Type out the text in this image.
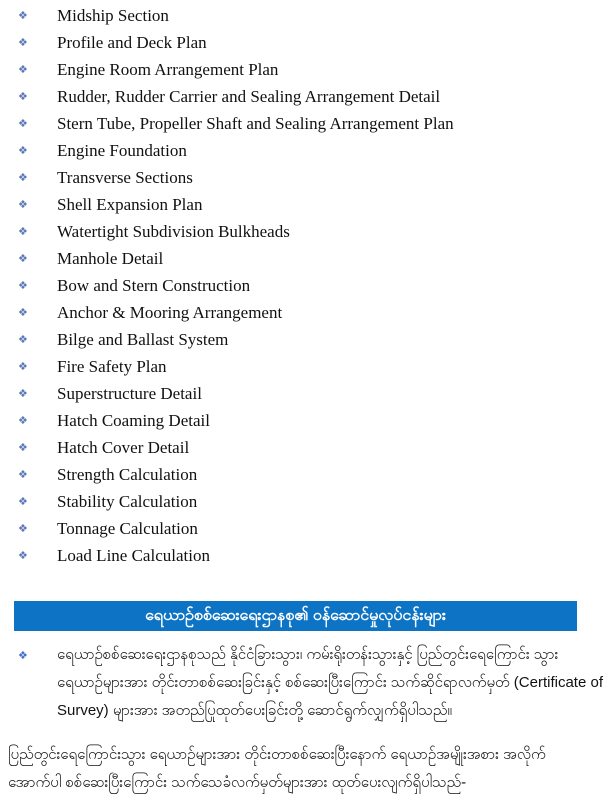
❖ Midship Section
❖ Profile and Deck Plan
❖ Engine Room Arrangement Plan
❖ Rudder, Rudder Carrier and Sealing Arrangement Detail
❖ Stern Tube, Propeller Shaft and Sealing Arrangement Plan
❖ Engine Foundation
❖ Transverse Sections
❖ Shell Expansion Plan
❖ Watertight Subdivision Bulkheads
❖ Manhole Detail
❖ Bow and Stern Construction
❖ Anchor & Mooring Arrangement
❖ Bilge and Ballast System
❖ Fire Safety Plan
❖ Superstructure Detail
❖ Hatch Coaming Detail
❖ Hatch Cover Detail
❖ Strength Calculation
❖ Stability Calculation
❖ Tonnage Calculation
❖ Load Line Calculation
ရေယာဉ်စစ်ဆေးရေးဌာနစု၏ ဝန်ဆောင်မှုလုပ်ငန်းများ
❖ ရေယာဉ်စစ်ဆေးရေးဌာနစုသည် နိုင်ငံခြားသွား၊ ကမ်းရိုးတန်းသွားနှင့် ပြည်တွင်းရေကြောင်း သွား
ရေယာဉ်များအား တိုင်းတာစစ်ဆေးခြင်းနှင့် စစ်ဆေးပြီးကြောင်း သက်ဆိုင်ရာလက်မှတ် (Certificate of
Survey) များအား အတည်ပြုထုတ်ပေးခြင်းတို့ ဆောင်ရွက်လျှက်ရှိပါသည်။
ပြည်တွင်းရေကြောင်းသွား ရေယာဉ်များအား တိုင်းတာစစ်ဆေးပြီးနောက် ရေယာဉ်အမျိုးအစား အလိုက်
အောက်ပါ စစ်ဆေးပြီးကြောင်း သက်သေခံလက်မှတ်များအား ထုတ်ပေးလျက်ရှိပါသည်-
